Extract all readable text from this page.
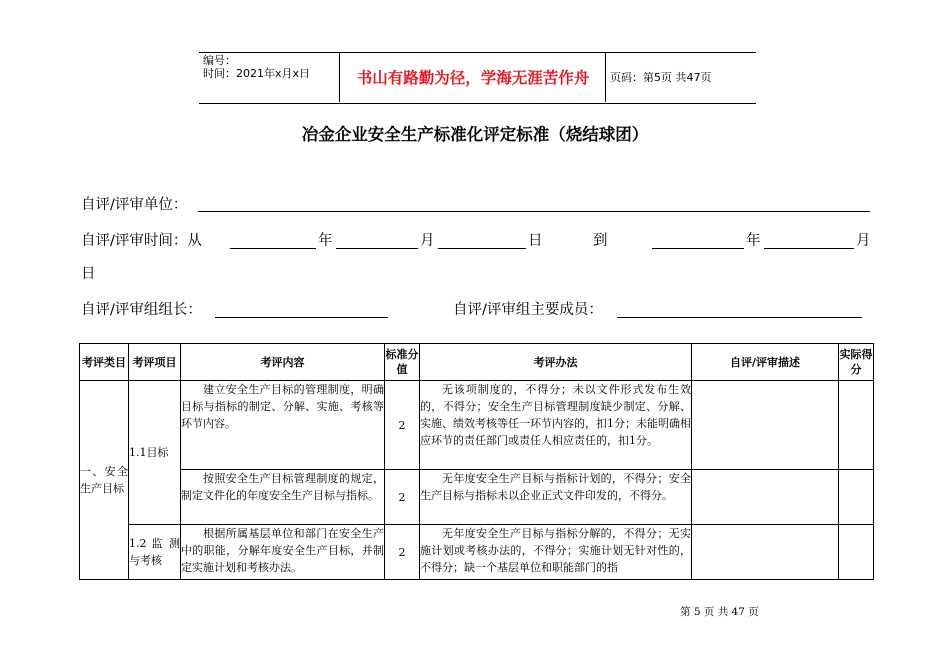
编号：
时间：2021年x月x日	书山有路勤为径，学海无涯苦作舟	页码：第5页 共47页
冶金企业安全生产标准化评定标准（烧结球团）
自评/评审单位：
自评/评审时间：从	年	月	日	到	年	月
日
自评/评审组组长：	自评/评审组主要成员：
考评类目	考评项目	考评内容	标准分值	考评办法	自评/评审描述	实际得分
一、安全生产目标	1.1目标	建立安全生产目标的管理制度，明确目标与指标的制定、分解、实施、考核等环节内容。	2	无该项制度的，不得分；未以文件形式发布生效的，不得分；安全生产目标管理制度缺少制定、分解、实施、绩效考核等任一环节内容的，扣1分；未能明确相应环节的责任部门或责任人相应责任的，扣1分。		
		按照安全生产目标管理制度的规定，制定文件化的年度安全生产目标与指标。	2	无年度安全生产目标与指标计划的，不得分；安全生产目标与指标未以企业正式文件印发的，不得分。		
	1.2 监 测与考核	根据所属基层单位和部门在安全生产中的职能，分解年度安全生产目标，并制定实施计划和考核办法。	2	无年度安全生产目标与指标分解的，不得分；无实施计划或考核办法的，不得分；实施计划无针对性的，不得分；缺一个基层单位和职能部门的指		
第 5 页 共 47 页
